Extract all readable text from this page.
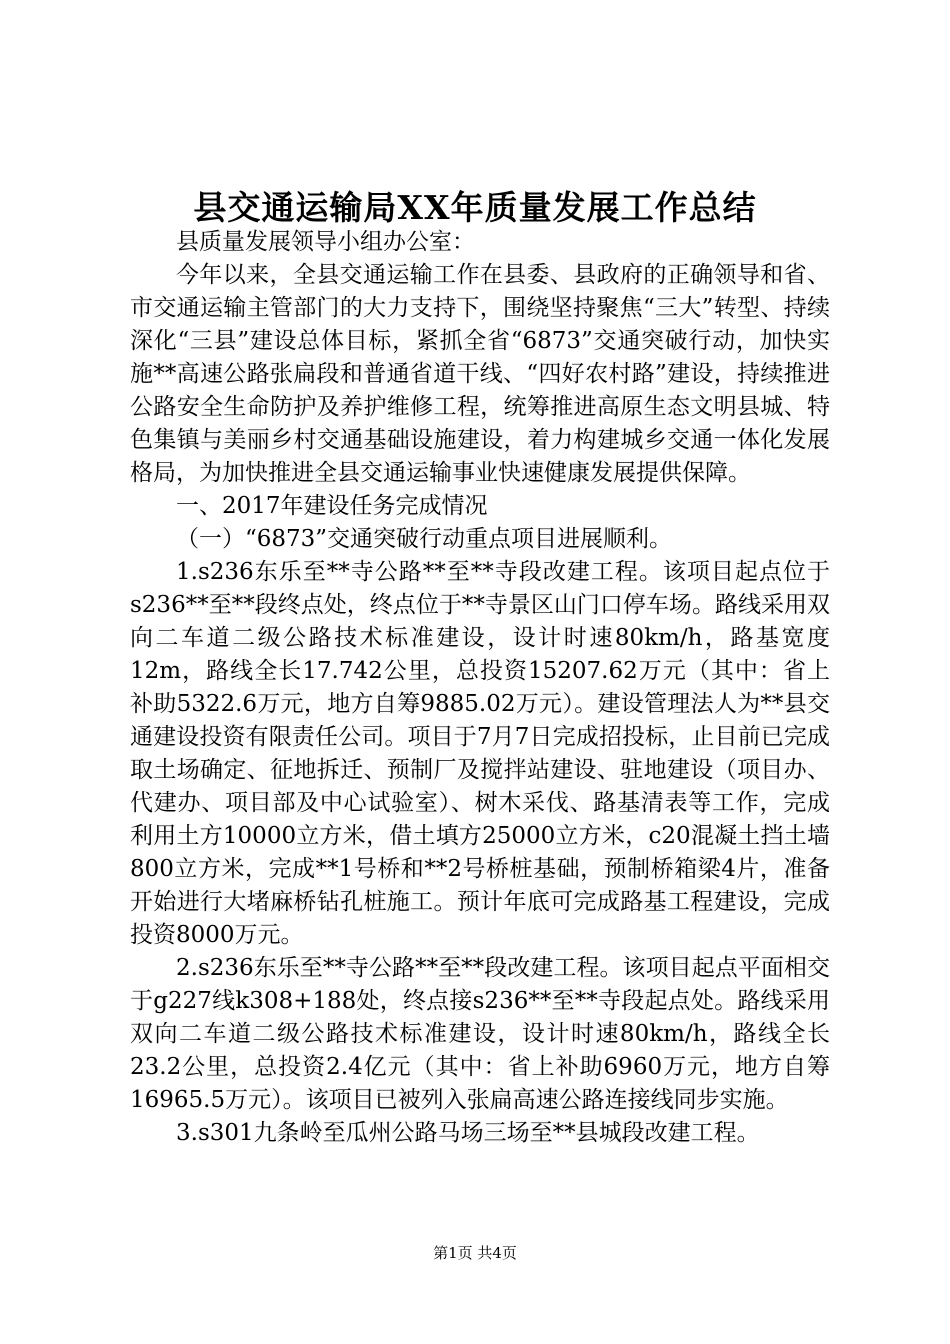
县交通运输局XX年质量发展工作总结

县质量发展领导小组办公室：

今年以来，全县交通运输工作在县委、县政府的正确领导和省、市交通运输主管部门的大力支持下，围绕坚持聚焦“三大”转型、持续深化“三县”建设总体目标，紧抓全省“6873”交通突破行动，加快实施**高速公路张扁段和普通省道干线、“四好农村路”建设，持续推进公路安全生命防护及养护维修工程，统筹推进高原生态文明县城、特色集镇与美丽乡村交通基础设施建设，着力构建城乡交通一体化发展格局，为加快推进全县交通运输事业快速健康发展提供保障。

一、2017年建设任务完成情况

（一）“6873”交通突破行动重点项目进展顺利。

1.s236东乐至**寺公路**至**寺段改建工程。该项目起点位于s236**至**段终点处，终点位于**寺景区山门口停车场。路线采用双向二车道二级公路技术标准建设，设计时速80km/h，路基宽度12m，路线全长17.742公里，总投资15207.62万元（其中：省上补助5322.6万元，地方自筹9885.02万元）。建设管理法人为**县交通建设投资有限责任公司。项目于7月7日完成招投标，止目前已完成取土场确定、征地拆迁、预制厂及搅拌站建设、驻地建设（项目办、代建办、项目部及中心试验室）、树木采伐、路基清表等工作，完成利用土方10000立方米，借土填方25000立方米，c20混凝土挡土墙800立方米，完成**1号桥和**2号桥桩基础，预制桥箱梁4片，准备开始进行大堵麻桥钻孔桩施工。预计年底可完成路基工程建设，完成投资8000万元。

2.s236东乐至**寺公路**至**段改建工程。该项目起点平面相交于g227线k308+188处，终点接s236**至**寺段起点处。路线采用双向二车道二级公路技术标准建设，设计时速80km/h，路线全长23.2公里，总投资2.4亿元（其中：省上补助6960万元，地方自筹16965.5万元）。该项目已被列入张扁高速公路连接线同步实施。

3.s301九条岭至瓜州公路马场三场至**县城段改建工程。

第1页 共4页
